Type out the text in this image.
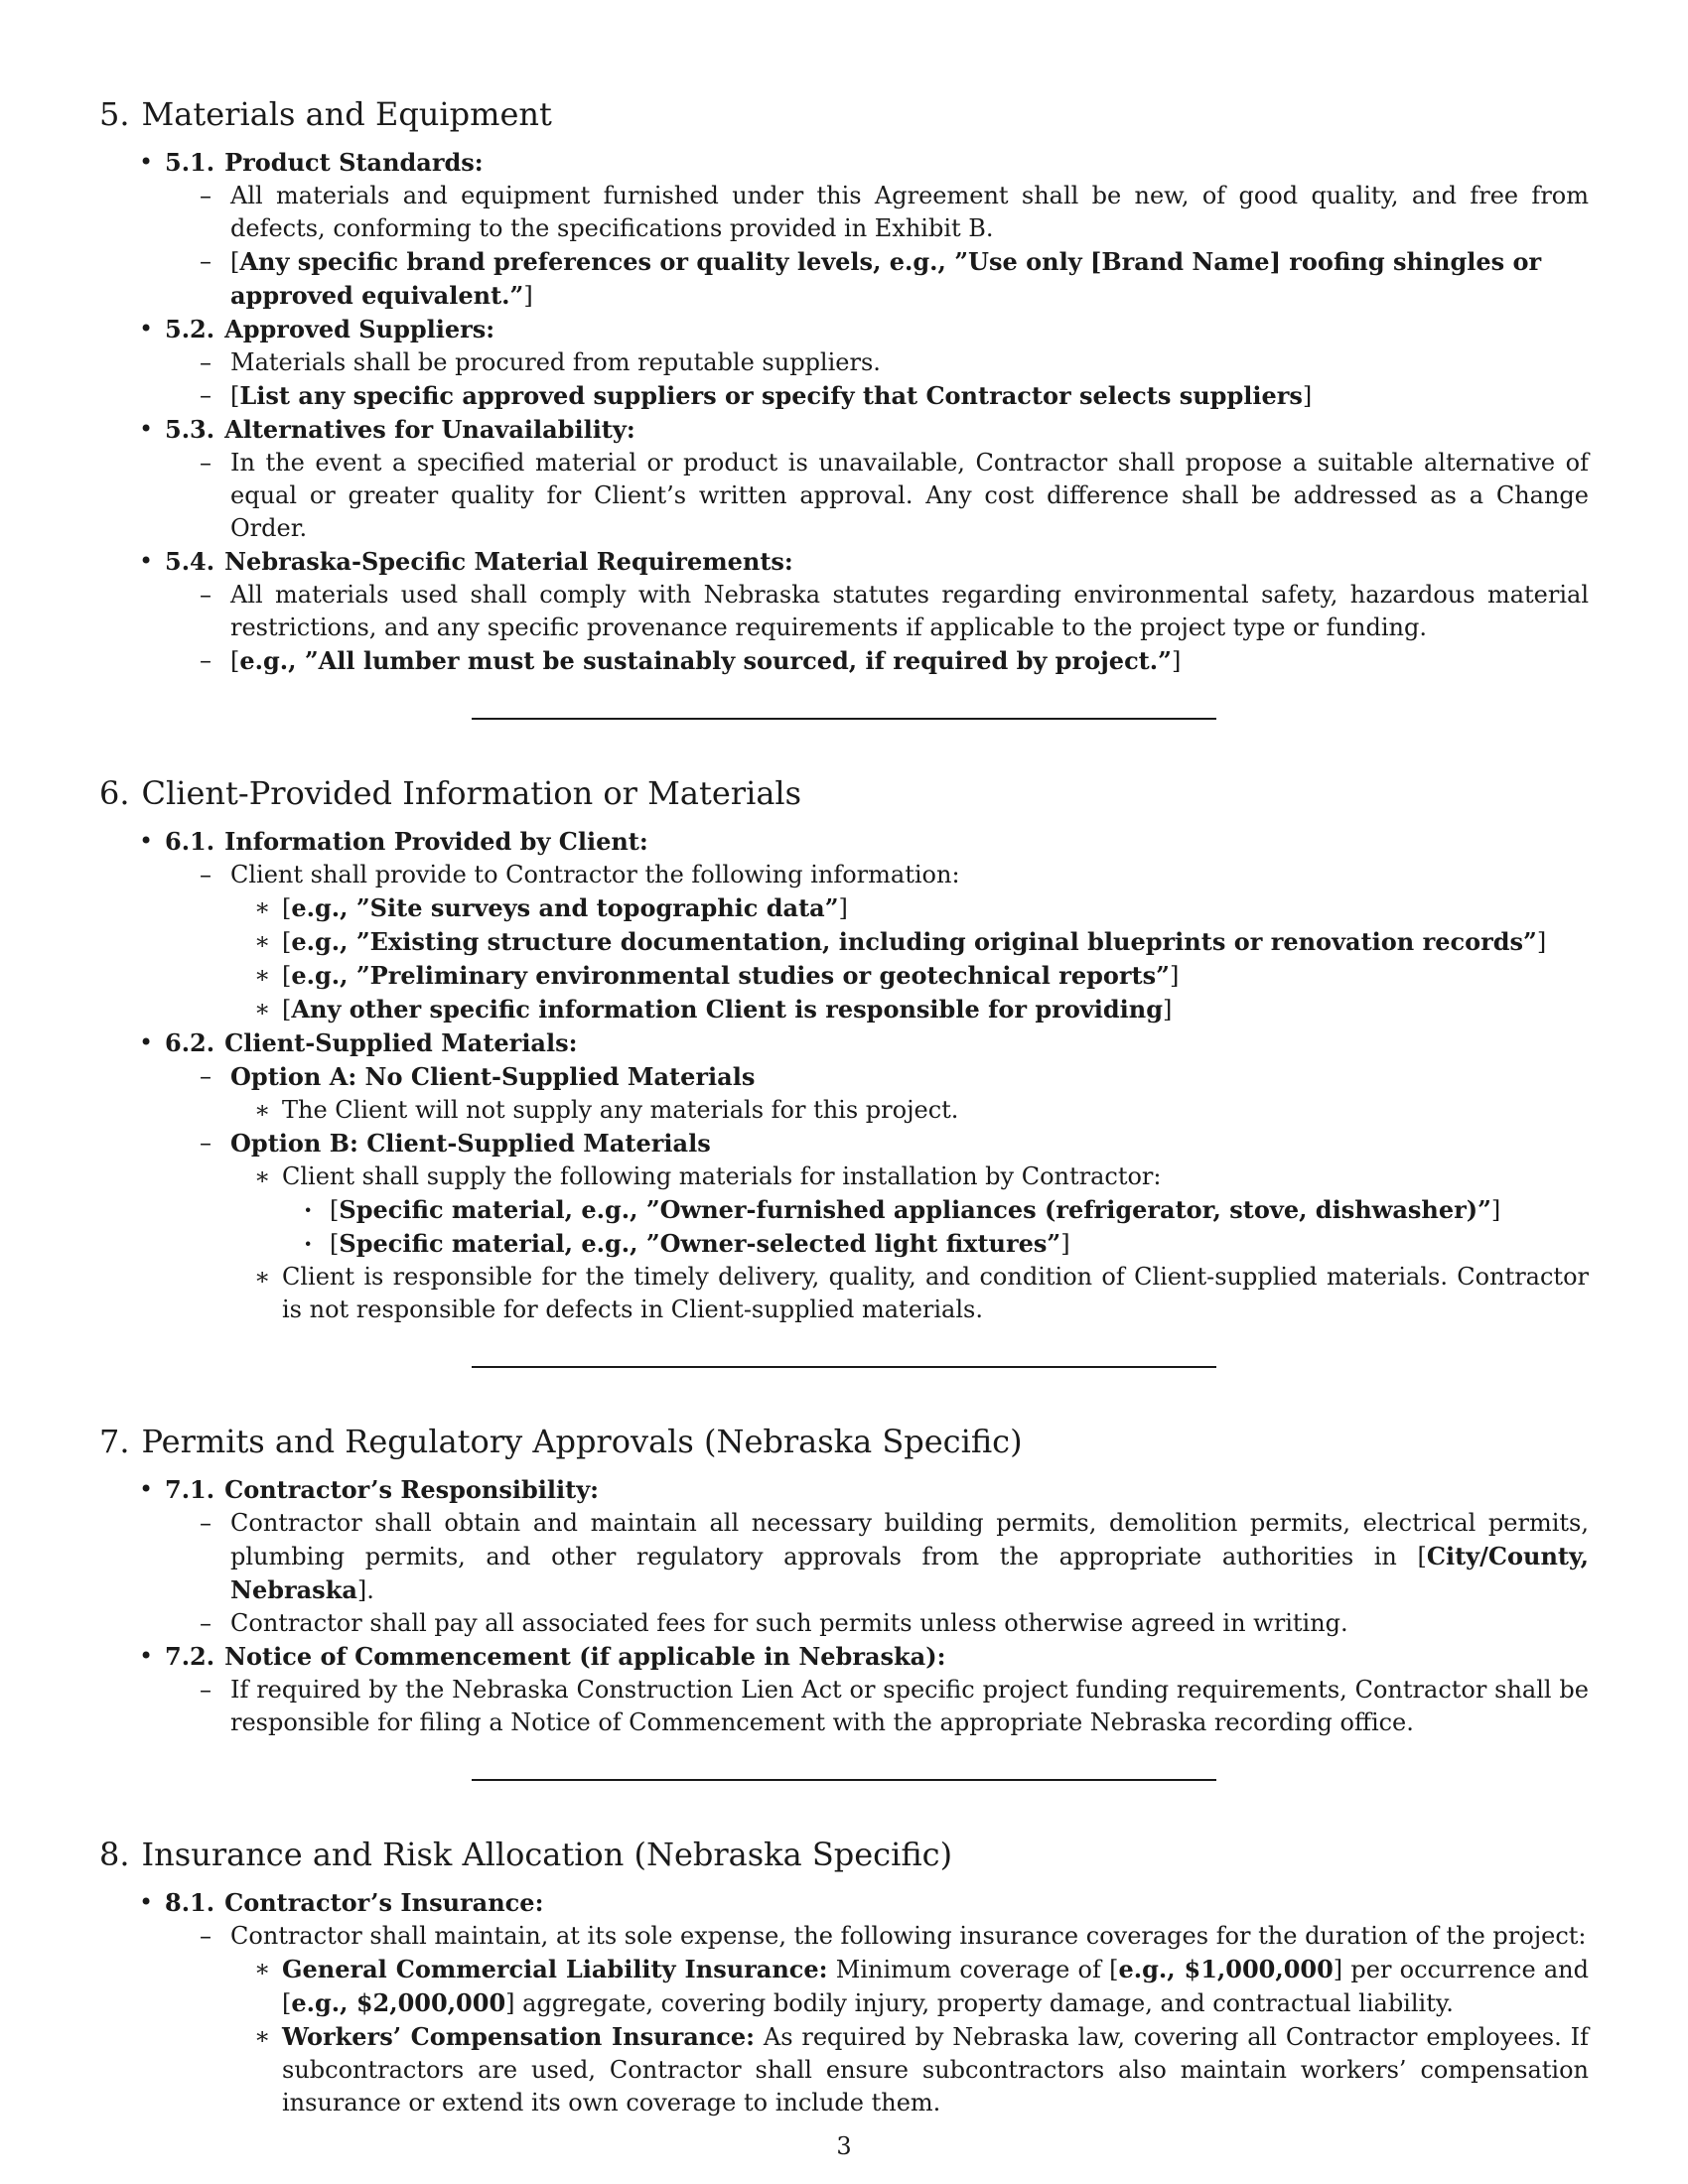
5. Materials and Equipment
• 5.1. Product Standards:
– All materials and equipment furnished under this Agreement shall be new, of good quality, and free from defects, conforming to the specifications provided in Exhibit B.
– [Any specific brand preferences or quality levels, e.g., ”Use only [Brand Name] roofing shingles or approved equivalent.”]
• 5.2. Approved Suppliers:
– Materials shall be procured from reputable suppliers.
– [List any specific approved suppliers or specify that Contractor selects suppliers]
• 5.3. Alternatives for Unavailability:
– In the event a specified material or product is unavailable, Contractor shall propose a suitable alternative of equal or greater quality for Client’s written approval. Any cost difference shall be addressed as a Change Order.
• 5.4. Nebraska-Specific Material Requirements:
– All materials used shall comply with Nebraska statutes regarding environmental safety, hazardous material restrictions, and any specific provenance requirements if applicable to the project type or funding.
– [e.g., ”All lumber must be sustainably sourced, if required by project.”]
6. Client-Provided Information or Materials
• 6.1. Information Provided by Client:
– Client shall provide to Contractor the following information:
∗ [e.g., ”Site surveys and topographic data”]
∗ [e.g., ”Existing structure documentation, including original blueprints or renovation records”]
∗ [e.g., ”Preliminary environmental studies or geotechnical reports”]
∗ [Any other specific information Client is responsible for providing]
• 6.2. Client-Supplied Materials:
– Option A: No Client-Supplied Materials
∗ The Client will not supply any materials for this project.
– Option B: Client-Supplied Materials
∗ Client shall supply the following materials for installation by Contractor:
· [Specific material, e.g., ”Owner-furnished appliances (refrigerator, stove, dishwasher)”]
· [Specific material, e.g., ”Owner-selected light fixtures”]
∗ Client is responsible for the timely delivery, quality, and condition of Client-supplied materials. Contractor is not responsible for defects in Client-supplied materials.
7. Permits and Regulatory Approvals (Nebraska Specific)
• 7.1. Contractor’s Responsibility:
– Contractor shall obtain and maintain all necessary building permits, demolition permits, electrical permits, plumbing permits, and other regulatory approvals from the appropriate authorities in [City/County, Nebraska].
– Contractor shall pay all associated fees for such permits unless otherwise agreed in writing.
• 7.2. Notice of Commencement (if applicable in Nebraska):
– If required by the Nebraska Construction Lien Act or specific project funding requirements, Contractor shall be responsible for filing a Notice of Commencement with the appropriate Nebraska recording office.
8. Insurance and Risk Allocation (Nebraska Specific)
• 8.1. Contractor’s Insurance:
– Contractor shall maintain, at its sole expense, the following insurance coverages for the duration of the project:
∗ General Commercial Liability Insurance: Minimum coverage of [e.g., $1,000,000] per occurrence and [e.g., $2,000,000] aggregate, covering bodily injury, property damage, and contractual liability.
∗ Workers’ Compensation Insurance: As required by Nebraska law, covering all Contractor employees. If subcontractors are used, Contractor shall ensure subcontractors also maintain workers’ compensation insurance or extend its own coverage to include them.
3
